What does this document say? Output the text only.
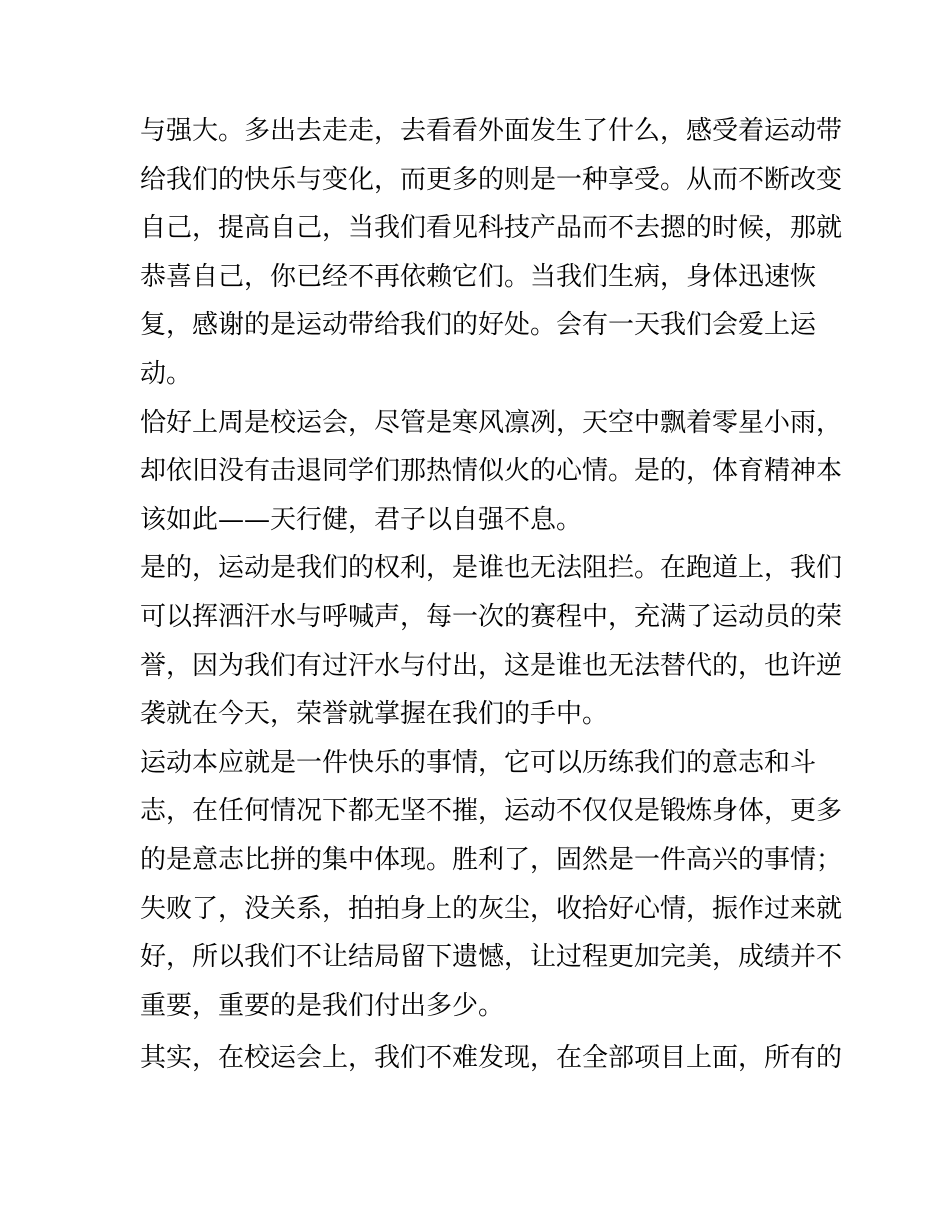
与强大。多出去走走，去看看外面发生了什么，感受着运动带
给我们的快乐与变化，而更多的则是一种享受。从而不断改变
自己，提高自己，当我们看见科技产品而不去摁的时候，那就
恭喜自己，你已经不再依赖它们。当我们生病，身体迅速恢
复，感谢的是运动带给我们的好处。会有一天我们会爱上运
动。
恰好上周是校运会，尽管是寒风凛冽，天空中飘着零星小雨，
却依旧没有击退同学们那热情似火的心情。是的，体育精神本
该如此——天行健，君子以自强不息。
是的，运动是我们的权利，是谁也无法阻拦。在跑道上，我们
可以挥洒汗水与呼喊声，每一次的赛程中，充满了运动员的荣
誉，因为我们有过汗水与付出，这是谁也无法替代的，也许逆
袭就在今天，荣誉就掌握在我们的手中。
运动本应就是一件快乐的事情，它可以历练我们的意志和斗
志，在任何情况下都无坚不摧，运动不仅仅是锻炼身体，更多
的是意志比拼的集中体现。胜利了，固然是一件高兴的事情；
失败了，没关系，拍拍身上的灰尘，收拾好心情，振作过来就
好，所以我们不让结局留下遗憾，让过程更加完美，成绩并不
重要，重要的是我们付出多少。
其实，在校运会上，我们不难发现，在全部项目上面，所有的
